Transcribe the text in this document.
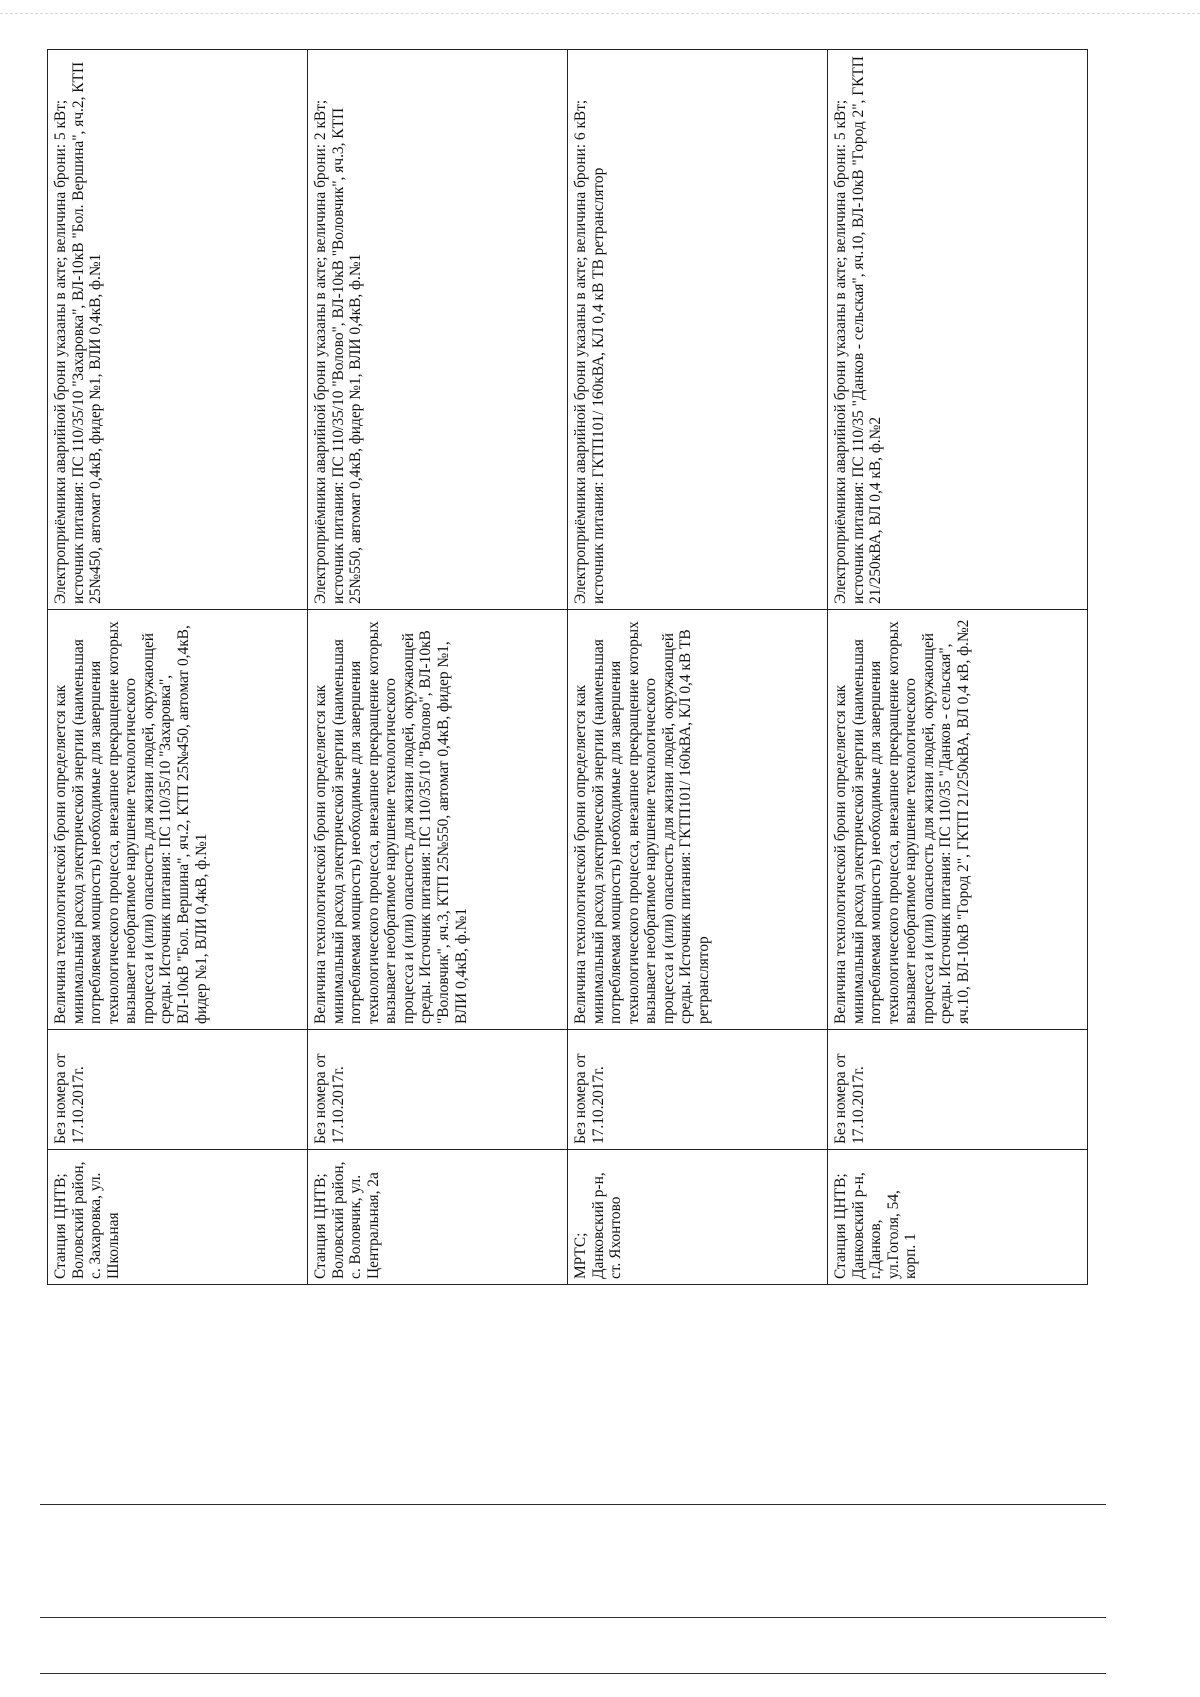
Станция ЦНТВ; Воловский район, с. Захаровка, ул. Школьная	Без номера от 17.10.2017г.	Величина технологической брони определяется как минимальный расход электрической энергии (наименьшая потребляемая мощность) необходимые для завершения технологического процесса, внезапное прекращение которых вызывает необратимое нарушение технологического процесса и (или) опасность для жизни людей, окружающей среды. Источник питания: ПС 110/35/10 "Захаровка", ВЛ-10кВ "Бол. Вершина", яч.2, КТП 25№450, автомат 0,4кВ, фидер №1, ВЛИ 0,4кВ, ф.№1	Электроприёмники аварийной брони указаны в акте; величина брони: 5 кВт; источник питания: ПС 110/35/10 "Захаровка", ВЛ-10кВ "Бол. Вершина", яч.2, КТП 25№450, автомат 0,4кВ, фидер №1, ВЛИ 0,4кВ, ф.№1
Станция ЦНТВ; Воловский район, с. Воловчик, ул. Центральная, 2а	Без номера от 17.10.2017г.	Величина технологической брони определяется как минимальный расход электрической энергии (наименьшая потребляемая мощность) необходимые для завершения технологического процесса, внезапное прекращение которых вызывает необратимое нарушение технологического процесса и (или) опасность для жизни людей, окружающей среды. Источник питания: ПС 110/35/10 "Волово", ВЛ-10кВ "Воловчик", яч.3, КТП 25№550, автомат 0,4кВ, фидер №1, ВЛИ 0,4кВ, ф.№1	Электроприёмники аварийной брони указаны в акте; величина брони: 2 кВт; источник питания: ПС 110/35/10 "Волово", ВЛ-10кВ "Воловчик", яч.3, КТП 25№550, автомат 0,4кВ, фидер №1, ВЛИ 0,4кВ, ф.№1
МРТС; Данковский р-н, ст. Яхонтово	Без номера от 17.10.2017г.	Величина технологической брони определяется как минимальный расход электрической энергии (наименьшая потребляемая мощность) необходимые для завершения технологического процесса, внезапное прекращение которых вызывает необратимое нарушение технологического процесса и (или) опасность для жизни людей, окружающей среды. Источник питания: ГКТП101/ 160кВА, КЛ 0,4 кВ ТВ ретранслятор	Электроприёмники аварийной брони указаны в акте; величина брони: 6 кВт; источник питания: ГКТП101/ 160кВА, КЛ 0,4 кВ ТВ ретранслятор
Станция ЦНТВ; Данковский р-н, г.Данков, ул.Гоголя, 54, корп. 1	Без номера от 17.10.2017г.	Величина технологической брони определяется как минимальный расход электрической энергии (наименьшая потребляемая мощность) необходимые для завершения технологического процесса, внезапное прекращение которых вызывает необратимое нарушение технологического процесса и (или) опасность для жизни людей, окружающей среды. Источник питания: ПС 110/35 "Данков - сельская", яч.10, ВЛ-10кВ "Город 2", ГКТП 21/250кВА, ВЛ 0,4 кВ, ф.№2	Электроприёмники аварийной брони указаны в акте; величина брони: 5 кВт; источник питания: ПС 110/35 "Данков - сельская", яч.10, ВЛ-10кВ "Город 2", ГКТП 21/250кВА, ВЛ 0,4 кВ, ф.№2
